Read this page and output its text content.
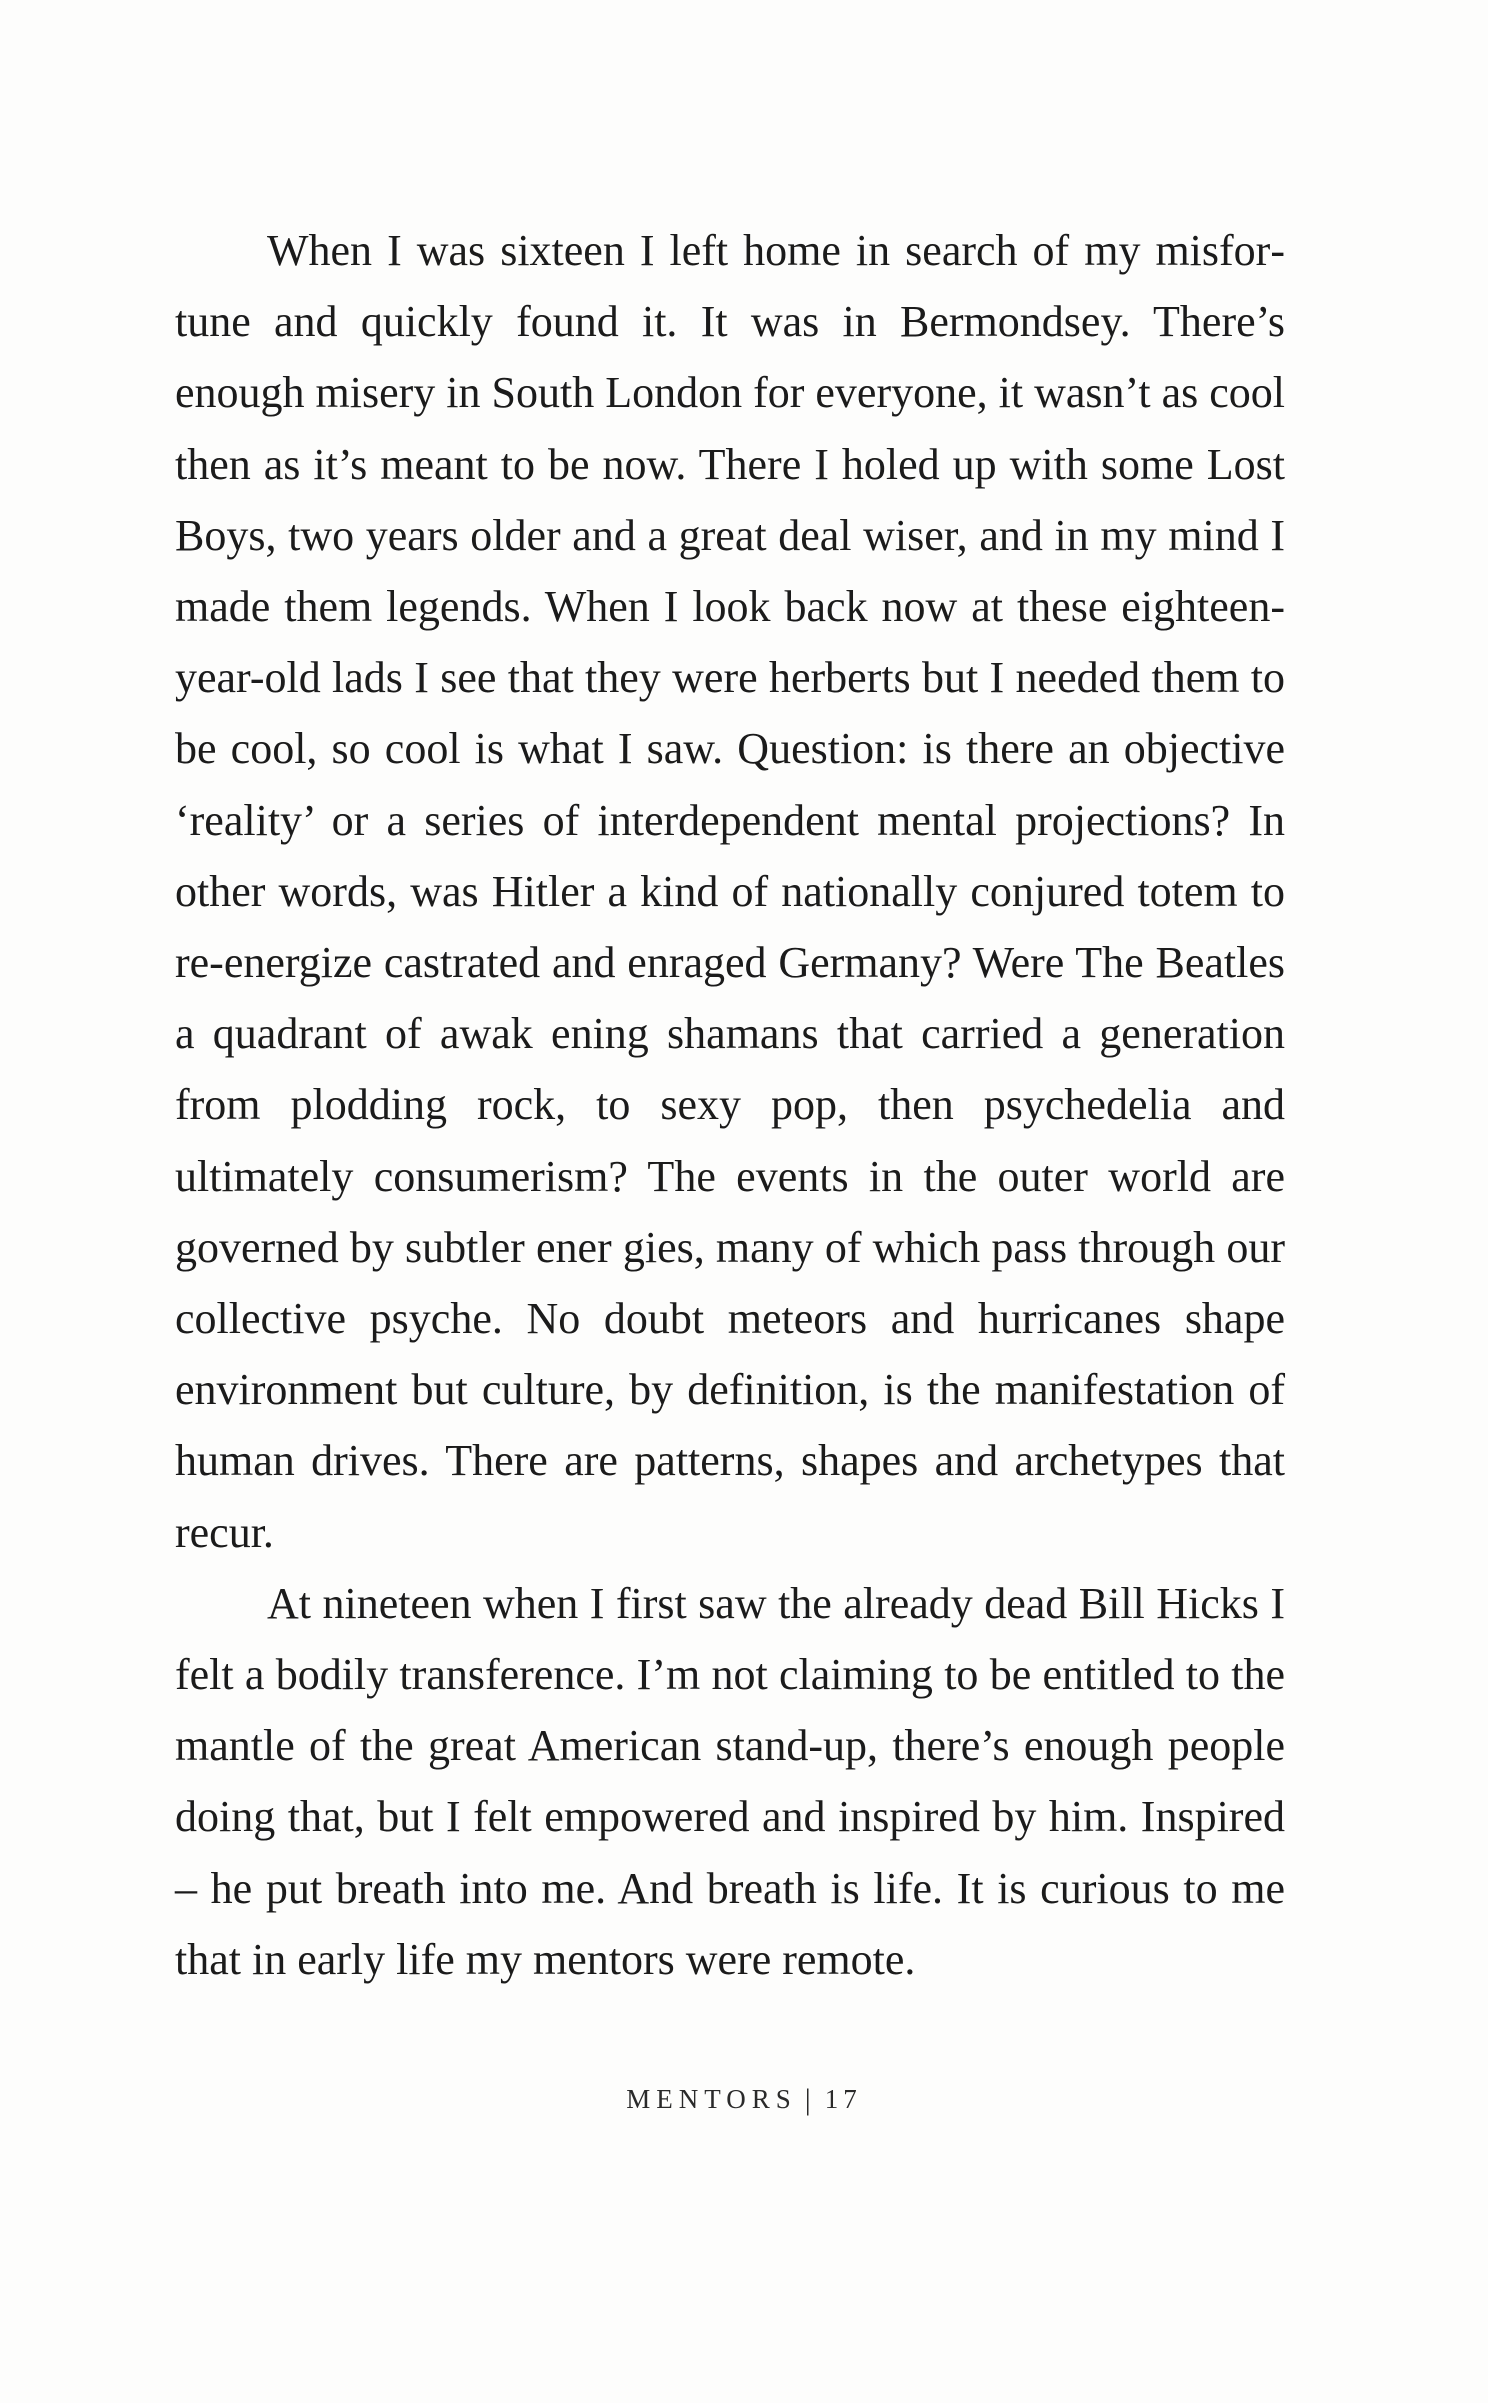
When I was sixteen I left home in search of my misfor tune and quickly found it. It was in Bermondsey. There’s enough misery in South London for everyone, it wasn’t as cool then as it’s meant to be now. There I holed up with some Lost Boys, two years older and a great deal wiser, and in my mind I made them legends. When I look back now at these eighteen-year-old lads I see that they were herberts but I needed them to be cool, so cool is what I saw. Question: is there an objective ‘reality’ or a series of interdependent mental projections? In other words, was Hitler a kind of nationally conjured totem to re-energize castrated and enraged Germany? Were The Beatles a quadrant of awak ening shamans that carried a generation from plodding rock, to sexy pop, then psychedelia and ultimately consumerism? The events in the outer world are governed by subtler ener gies, many of which pass through our collective psyche. No doubt meteors and hurricanes shape environment but culture, by definition, is the manifestation of human drives. There are patterns, shapes and archetypes that recur.

At nineteen when I first saw the already dead Bill Hicks I felt a bodily transference. I’m not claiming to be entitled to the mantle of the great American stand-up, there’s enough people doing that, but I felt empowered and inspired by him. Inspired – he put breath into me. And breath is life. It is curious to me that in early life my mentors were remote.

MENTORS | 17
